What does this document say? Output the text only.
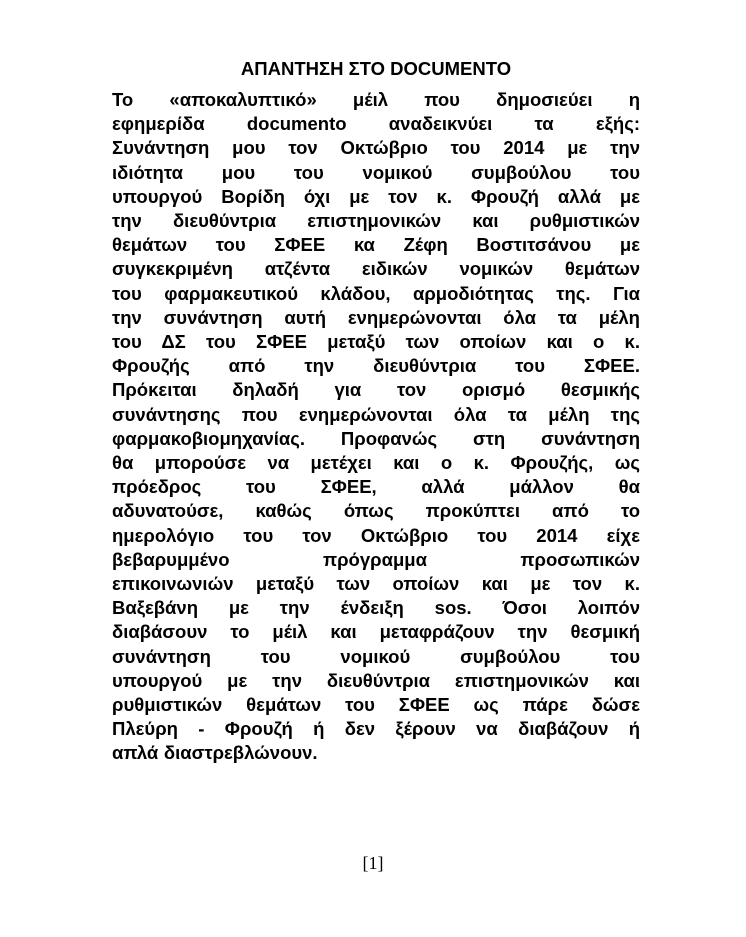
ΑΠΑΝΤΗΣΗ ΣΤΟ DOCUMENTO

Το «αποκαλυπτικό» μέιλ που δημοσιεύει η
εφημερίδα documento αναδεικνύει τα εξής:
Συνάντηση μου τον Οκτώβριο του 2014 με την
ιδιότητα μου του νομικού συμβούλου του
υπουργού Βορίδη όχι με τον κ. Φρουζή αλλά με
την διευθύντρια επιστημονικών και ρυθμιστικών
θεμάτων του ΣΦΕΕ κα Ζέφη Βοστιτσάνου με
συγκεκριμένη ατζέντα ειδικών νομικών θεμάτων
του φαρμακευτικού κλάδου, αρμοδιότητας της. Για
την συνάντηση αυτή ενημερώνονται όλα τα μέλη
του ΔΣ του ΣΦΕΕ μεταξύ των οποίων και ο κ.
Φρουζής από την διευθύντρια του ΣΦΕΕ.
Πρόκειται δηλαδή για τον ορισμό θεσμικής
συνάντησης που ενημερώνονται όλα τα μέλη της
φαρμακοβιομηχανίας. Προφανώς στη συνάντηση
θα μπορούσε να μετέχει και ο κ. Φρουζής, ως
πρόεδρος του ΣΦΕΕ, αλλά μάλλον θα
αδυνατούσε, καθώς όπως προκύπτει από το
ημερολόγιο του τον Οκτώβριο του 2014 είχε
βεβαρυμμένο πρόγραμμα προσωπικών
επικοινωνιών μεταξύ των οποίων και με τον κ.
Βαξεβάνη με την ένδειξη sos. Όσοι λοιπόν
διαβάσουν το μέιλ και μεταφράζουν την θεσμική
συνάντηση του νομικού συμβούλου του
υπουργού με την διευθύντρια επιστημονικών και
ρυθμιστικών θεμάτων του ΣΦΕΕ ως πάρε δώσε
Πλεύρη - Φρουζή ή δεν ξέρουν να διαβάζουν ή
απλά διαστρεβλώνουν.

[1]
